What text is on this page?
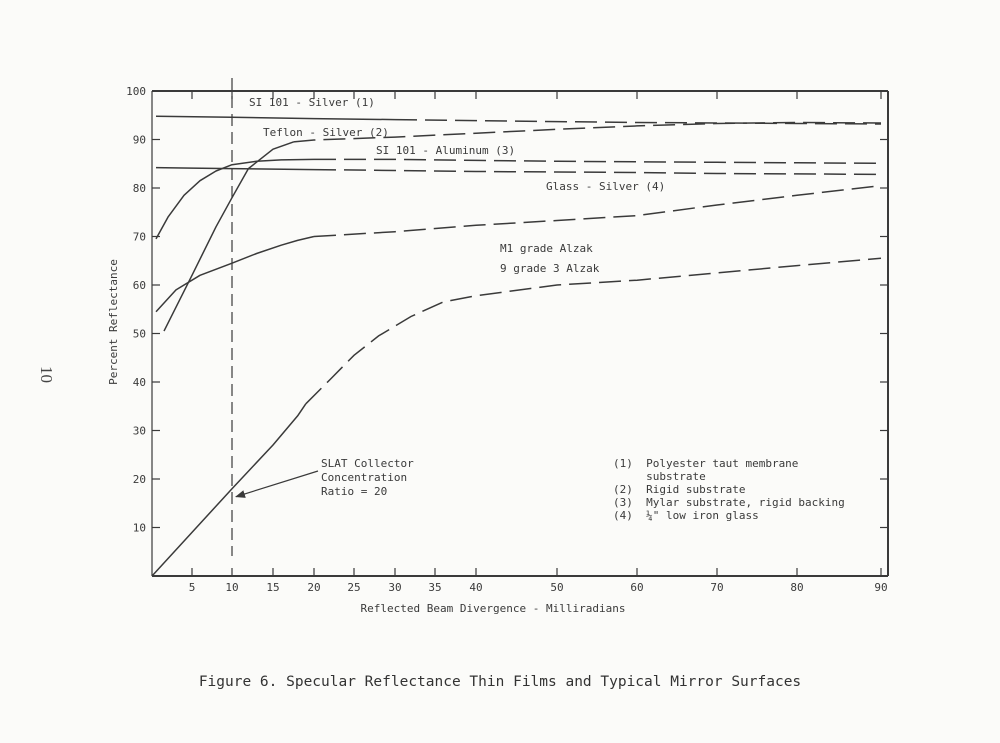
5	10	15	20 25	30 35	40	50	60	70	80	90
10
20
30
40
50
60
70
80
90
100
Percent Reflectance
Reflected Beam Divergence - Milliradians
SI 101 - Silver (1)
Teflon - Silver (2)
SI 101 - Aluminum (3)
Glass - Silver (4)
M1 grade Alzak
9 grade 3 Alzak
SLAT Collector
Concentration
Ratio = 20
(1)  Polyester taut membrane
substrate
(2)  Rigid substrate
(3)  Mylar substrate, rigid backing
(4)  ¼" low iron glass
10
Figure 6. Specular Reflectance Thin Films and Typical Mirror Surfaces
